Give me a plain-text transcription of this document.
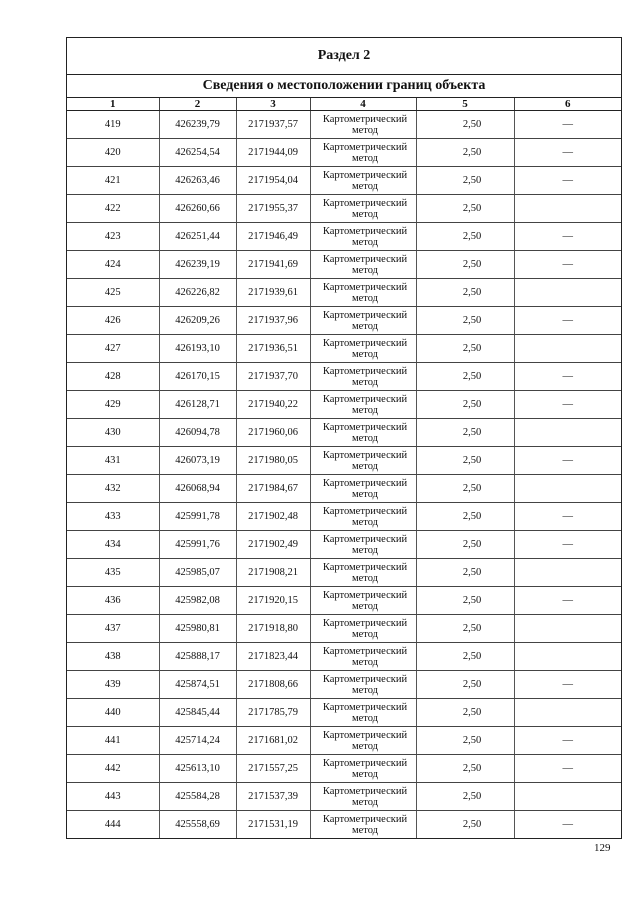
Раздел 2
Сведения о местоположении границ объекта
1	2	3	4	5	6
419	426239,79	2171937,57	Картометрический метод	2,50	—
420	426254,54	2171944,09	Картометрический метод	2,50	—
421	426263,46	2171954,04	Картометрический метод	2,50	—
422	426260,66	2171955,37	Картометрический метод	2,50	
423	426251,44	2171946,49	Картометрический метод	2,50	—
424	426239,19	2171941,69	Картометрический метод	2,50	—
425	426226,82	2171939,61	Картометрический метод	2,50	
426	426209,26	2171937,96	Картометрический метод	2,50	—
427	426193,10	2171936,51	Картометрический метод	2,50	
428	426170,15	2171937,70	Картометрический метод	2,50	—
429	426128,71	2171940,22	Картометрический метод	2,50	—
430	426094,78	2171960,06	Картометрический метод	2,50	
431	426073,19	2171980,05	Картометрический метод	2,50	—
432	426068,94	2171984,67	Картометрический метод	2,50	
433	425991,78	2171902,48	Картометрический метод	2,50	—
434	425991,76	2171902,49	Картометрический метод	2,50	—
435	425985,07	2171908,21	Картометрический метод	2,50	
436	425982,08	2171920,15	Картометрический метод	2,50	—
437	425980,81	2171918,80	Картометрический метод	2,50	
438	425888,17	2171823,44	Картометрический метод	2,50	
439	425874,51	2171808,66	Картометрический метод	2,50	—
440	425845,44	2171785,79	Картометрический метод	2,50	
441	425714,24	2171681,02	Картометрический метод	2,50	—
442	425613,10	2171557,25	Картометрический метод	2,50	—
443	425584,28	2171537,39	Картометрический метод	2,50	
444	425558,69	2171531,19	Картометрический метод	2,50	—
129
